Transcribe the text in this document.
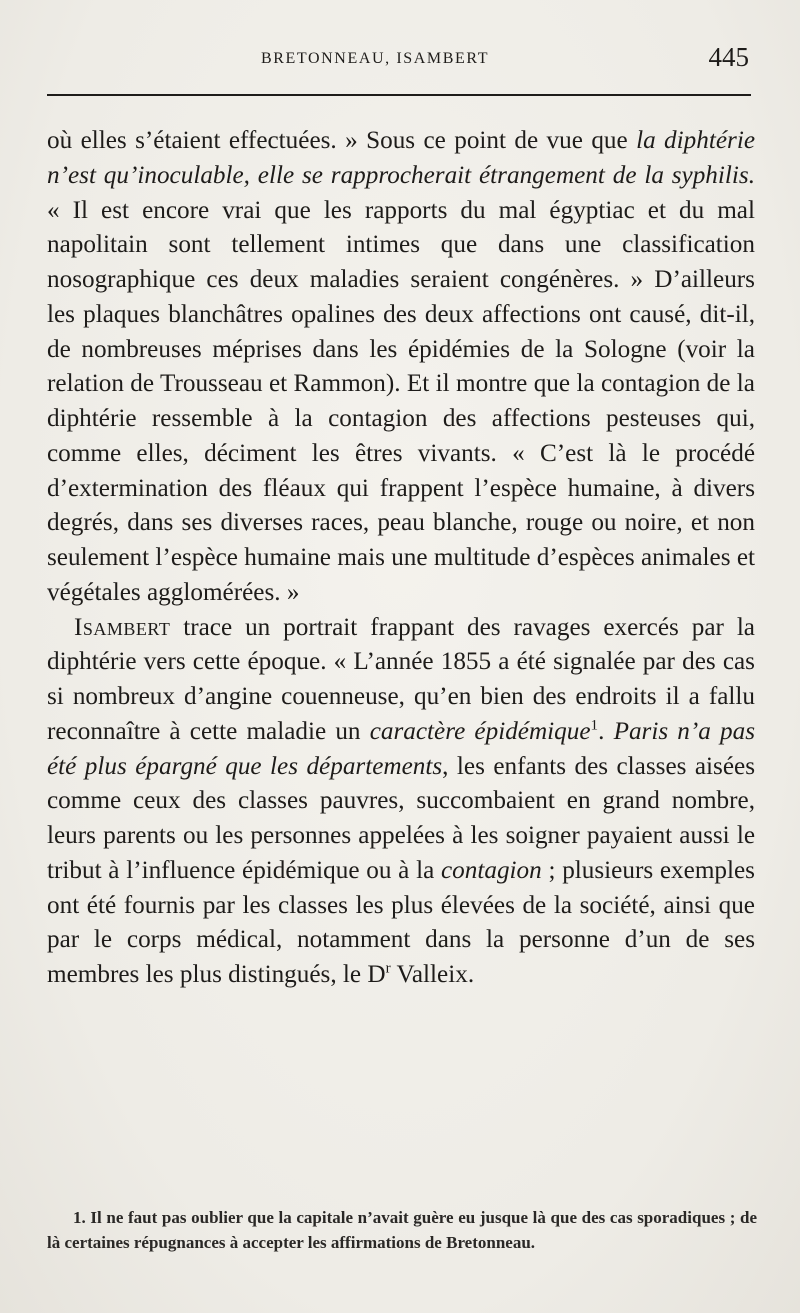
BRETONNEAU, ISAMBERT	445

où elles s’étaient effectuées. » Sous ce point de vue que la diphtérie n’est qu’inoculable, elle se rapprocherait étrangement de la syphilis. « Il est encore vrai que les rapports du mal égyptiac et du mal napolitain sont tellement intimes que dans une classification nosographique ces deux maladies seraient congénères. » D’ailleurs les plaques blanchâtres opalines des deux affections ont causé, dit-il, de nombreuses méprises dans les épidémies de la Sologne (voir la relation de Trousseau et Rammon). Et il montre que la contagion de la diphtérie ressemble à la contagion des affections pesteuses qui, comme elles, déciment les êtres vivants. « C’est là le procédé d’extermination des fléaux qui frappent l’espèce humaine, à divers degrés, dans ses diverses races, peau blanche, rouge ou noire, et non seulement l’espèce humaine mais une multitude d’espèces animales et végétales agglomérées. »

Isambert trace un portrait frappant des ravages exercés par la diphtérie vers cette époque. « L’année 1855 a été signalée par des cas si nombreux d’angine couenneuse, qu’en bien des endroits il a fallu reconnaître à cette maladie un caractère épidémique$^1$. Paris n’a pas été plus épargné que les départements, les enfants des classes aisées comme ceux des classes pauvres, succombaient en grand nombre, leurs parents ou les personnes appelées à les soigner payaient aussi le tribut à l’influence épidémique ou à la contagion ; plusieurs exemples ont été fournis par les classes les plus élevées de la société, ainsi que par le corps médical, notamment dans la personne d’un de ses membres les plus distingués, le $D^r$ Valleix.

1. Il ne faut pas oublier que la capitale n’avait guère eu jusque là que des cas sporadiques ; de là certaines répugnances à accepter les affirmations de Bretonneau.
